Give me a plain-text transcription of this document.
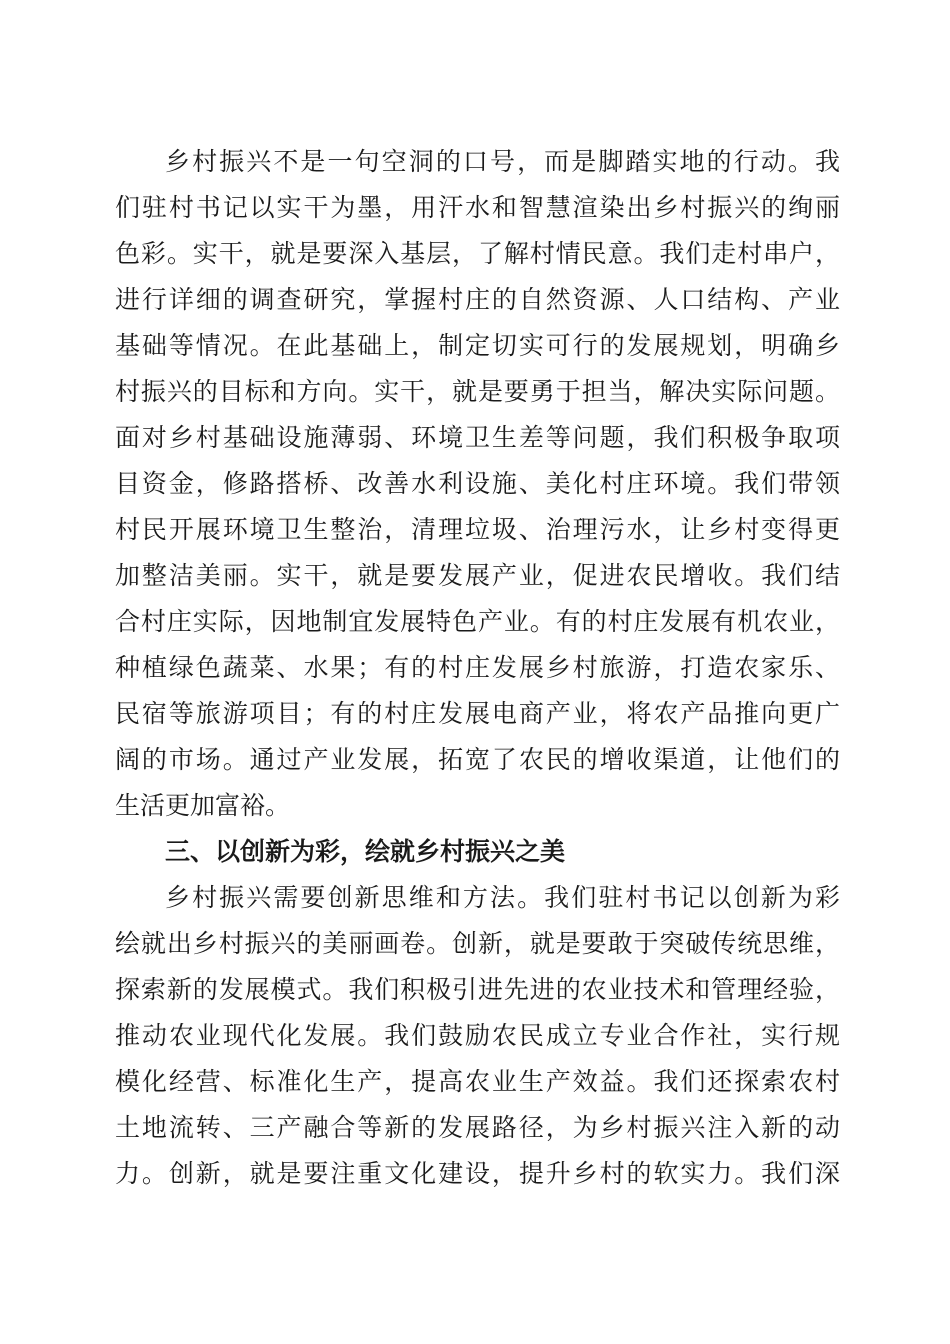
乡村振兴不是一句空洞的口号，而是脚踏实地的行动。我
们驻村书记以实干为墨，用汗水和智慧渲染出乡村振兴的绚丽
色彩。实干，就是要深入基层，了解村情民意。我们走村串户，
进行详细的调查研究，掌握村庄的自然资源、人口结构、产业
基础等情况。在此基础上，制定切实可行的发展规划，明确乡
村振兴的目标和方向。实干，就是要勇于担当，解决实际问题。
面对乡村基础设施薄弱、环境卫生差等问题，我们积极争取项
目资金，修路搭桥、改善水利设施、美化村庄环境。我们带领
村民开展环境卫生整治，清理垃圾、治理污水，让乡村变得更
加整洁美丽。实干，就是要发展产业，促进农民增收。我们结
合村庄实际，因地制宜发展特色产业。有的村庄发展有机农业，
种植绿色蔬菜、水果；有的村庄发展乡村旅游，打造农家乐、
民宿等旅游项目；有的村庄发展电商产业，将农产品推向更广
阔的市场。通过产业发展，拓宽了农民的增收渠道，让他们的
生活更加富裕。
三、以创新为彩，绘就乡村振兴之美
乡村振兴需要创新思维和方法。我们驻村书记以创新为彩
绘就出乡村振兴的美丽画卷。创新，就是要敢于突破传统思维，
探索新的发展模式。我们积极引进先进的农业技术和管理经验，
推动农业现代化发展。我们鼓励农民成立专业合作社，实行规
模化经营、标准化生产，提高农业生产效益。我们还探索农村
土地流转、三产融合等新的发展路径，为乡村振兴注入新的动
力。创新，就是要注重文化建设，提升乡村的软实力。我们深
